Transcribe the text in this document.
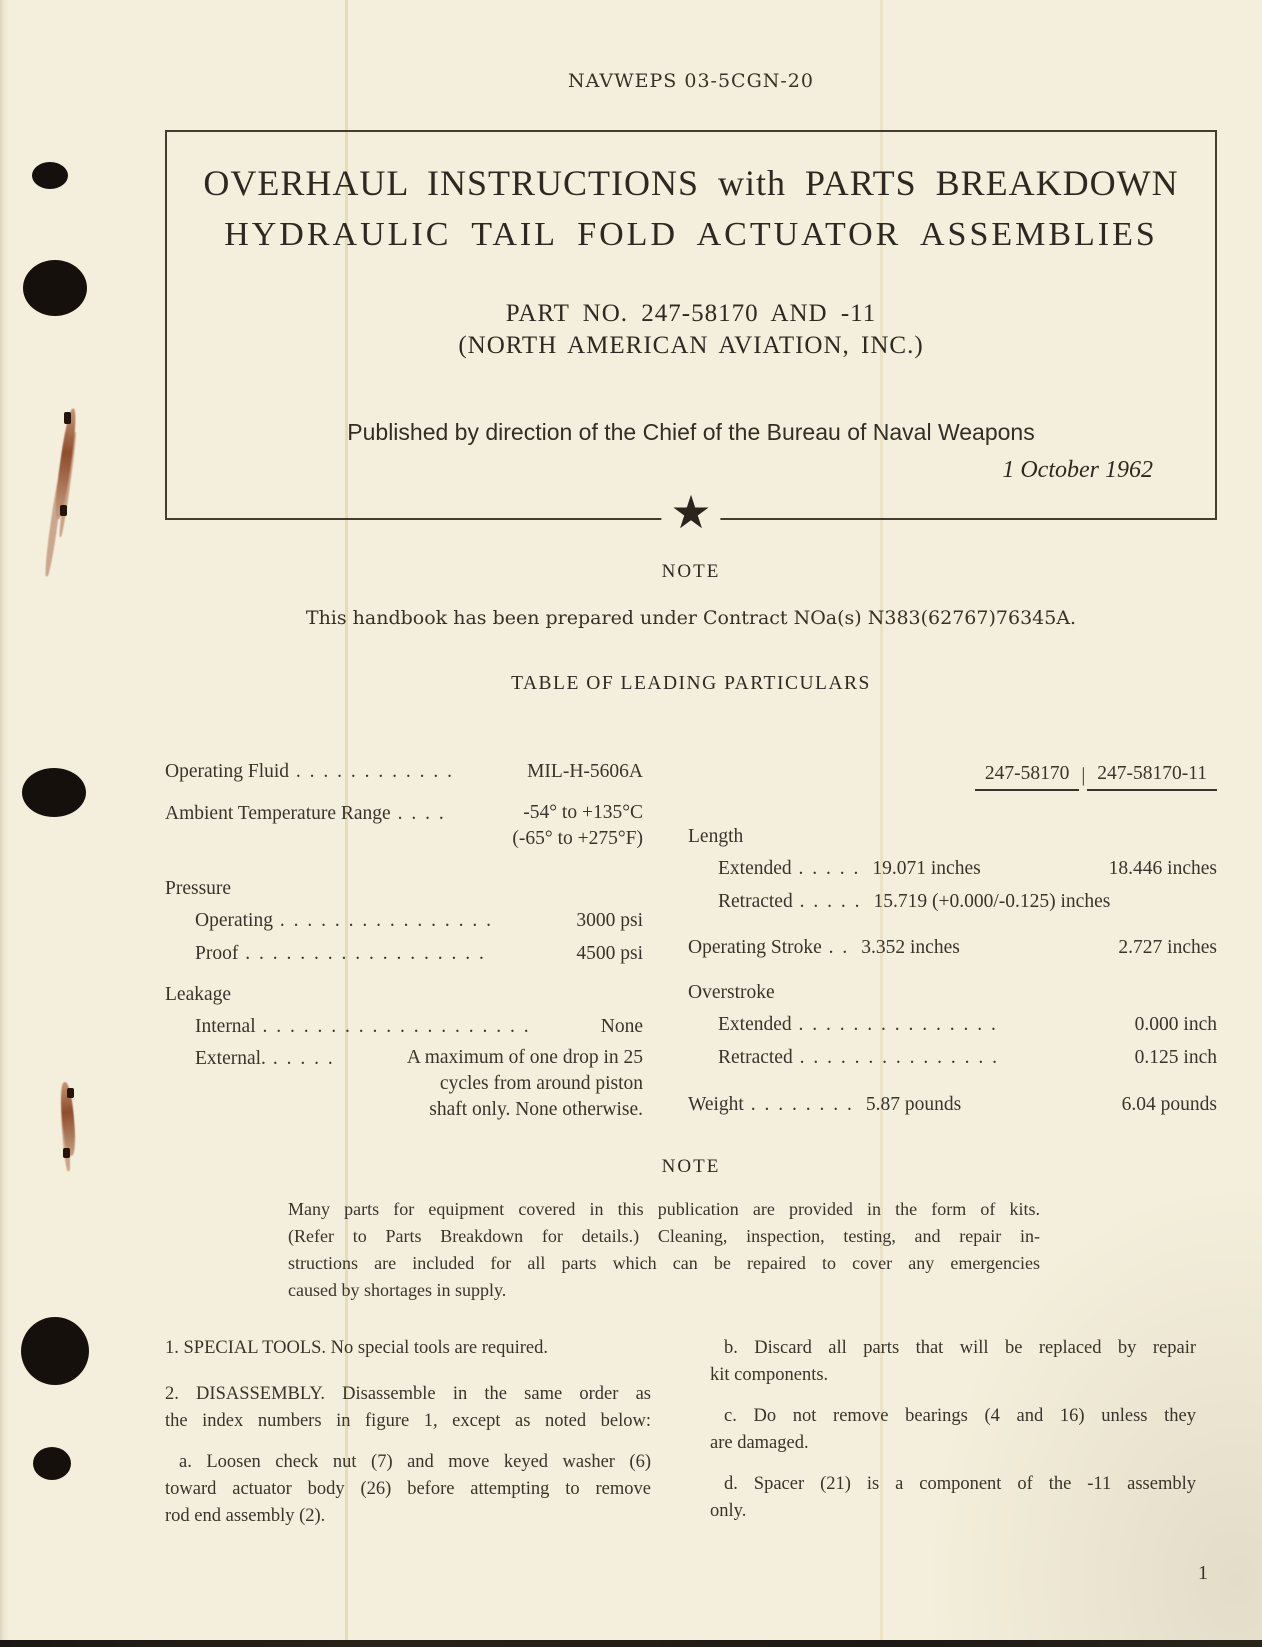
NAVWEPS 03-5CGN-20
OVERHAUL INSTRUCTIONS with PARTS BREAKDOWN
HYDRAULIC TAIL FOLD ACTUATOR ASSEMBLIES
PART NO. 247-58170 AND -11
(NORTH AMERICAN AVIATION, INC.)
Published by direction of the Chief of the Bureau of Naval Weapons
1 October 1962
★
NOTE
This handbook has been prepared under Contract NOa(s) N383(62767)76345A.
TABLE OF LEADING PARTICULARS
Operating Fluid . . . . . . . . . . . .	MIL-H-5606A
Ambient Temperature Range . . . .	-54° to +135°C
(-65° to +275°F)
Pressure
Operating . . . . . . . . . . . . . . . .	3000 psi
Proof . . . . . . . . . . . . . . . . . .	4500 psi
Leakage
Internal . . . . . . . . . . . . . . . . . . . .	None
External. . . . . .	A maximum of one drop in 25
cycles from around piston
shaft only. None otherwise.
247-58170 | 247-58170-11
Length
Extended . . . . . 19.071 inches	18.446 inches
Retracted . . . . . 15.719 (+0.000/-0.125) inches
Operating Stroke . . 3.352 inches	2.727 inches
Overstroke
Extended . . . . . . . . . . . . . . .	0.000 inch
Retracted . . . . . . . . . . . . . . .	0.125 inch
Weight . . . . . . . . 5.87 pounds	6.04 pounds
NOTE
Many parts for equipment covered in this publication are provided in the form of kits.
(Refer to Parts Breakdown for details.) Cleaning, inspection, testing, and repair in-
structions are included for all parts which can be repaired to cover any emergencies
caused by shortages in supply.
1. SPECIAL TOOLS. No special tools are required.
2. DISASSEMBLY. Disassemble in the same order as
the index numbers in figure 1, except as noted below:
a. Loosen check nut (7) and move keyed washer (6)
toward actuator body (26) before attempting to remove
rod end assembly (2).
b. Discard all parts that will be replaced by repair
kit components.
c. Do not remove bearings (4 and 16) unless they
are damaged.
d. Spacer (21) is a component of the -11 assembly
only.
1
